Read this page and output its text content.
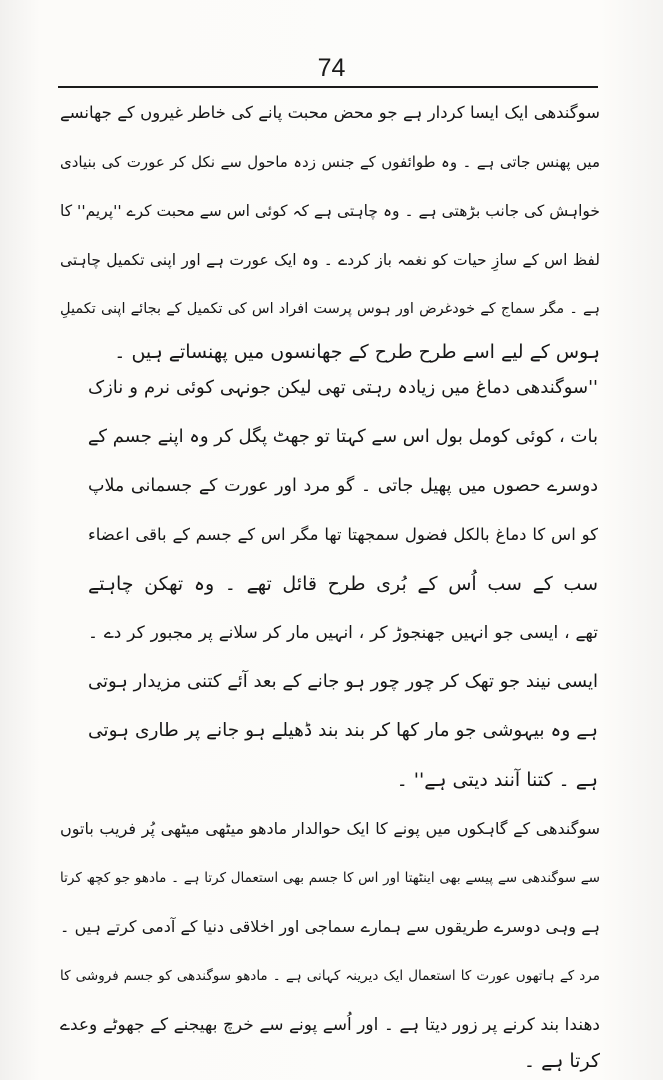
74
سوگندھی ایک ایسا کردار ہے جو محض محبت پانے کی خاطر غیروں کے جھانسے
میں پھنس جاتی ہے ۔ وہ طوائفوں کے جنس زدہ ماحول سے نکل کر عورت کی بنیادی
خواہش کی جانب بڑھتی ہے ۔ وہ چاہتی ہے کہ کوئی اس سے محبت کرے ''پریم'' کا
لفظ اس کے سازِ حیات کو نغمہ باز کردے ۔ وہ ایک عورت ہے اور اپنی تکمیل چاہتی
ہے ۔ مگر سماج کے خودغرض اور ہوس پرست افراد اس کی تکمیل کے بجائے اپنی تکمیلِ
ہوس کے لیے اسے طرح طرح کے جھانسوں میں پھنساتے ہیں ۔
''سوگندھی دماغ میں زیادہ رہتی تھی لیکن جونہی کوئی نرم و نازک
بات ، کوئی کومل بول اس سے کہتا تو جھٹ پگل کر وہ اپنے جسم کے
دوسرے حصوں میں پھیل جاتی ۔ گو مرد اور عورت کے جسمانی ملاپ
کو اس کا دماغ بالکل فضول سمجھتا تھا مگر اس کے جسم کے باقی اعضاء
سب کے سب اُس کے بُری طرح قائل تھے ۔ وہ تھکن چاہتے
تھے ، ایسی جو انہیں جھنجوڑ کر ، انہیں مار کر سلانے پر مجبور کر دے ۔
ایسی نیند جو تھک کر چور چور ہو جانے کے بعد آئے کتنی مزیدار ہوتی
ہے وہ بیہوشی جو مار کھا کر بند بند ڈھیلے ہو جانے پر طاری ہوتی
ہے ۔ کتنا آنند دیتی ہے'' ۔
سوگندھی کے گاہکوں میں پونے کا ایک حوالدار مادھو میٹھی میٹھی پُر فریب باتوں
سے سوگندھی سے پیسے بھی اینٹھتا اور اس کا جسم بھی استعمال کرتا ہے ۔ مادھو جو کچھ کرتا
ہے وہی دوسرے طریقوں سے ہمارے سماجی اور اخلاقی دنیا کے آدمی کرتے ہیں ۔
مرد کے ہاتھوں عورت کا استعمال ایک دیرینہ کہانی ہے ۔ مادھو سوگندھی کو جسم فروشی کا
دھندا بند کرنے پر زور دیتا ہے ۔ اور اُسے پونے سے خرچ بھیجنے کے جھوٹے وعدے
کرتا ہے ۔
